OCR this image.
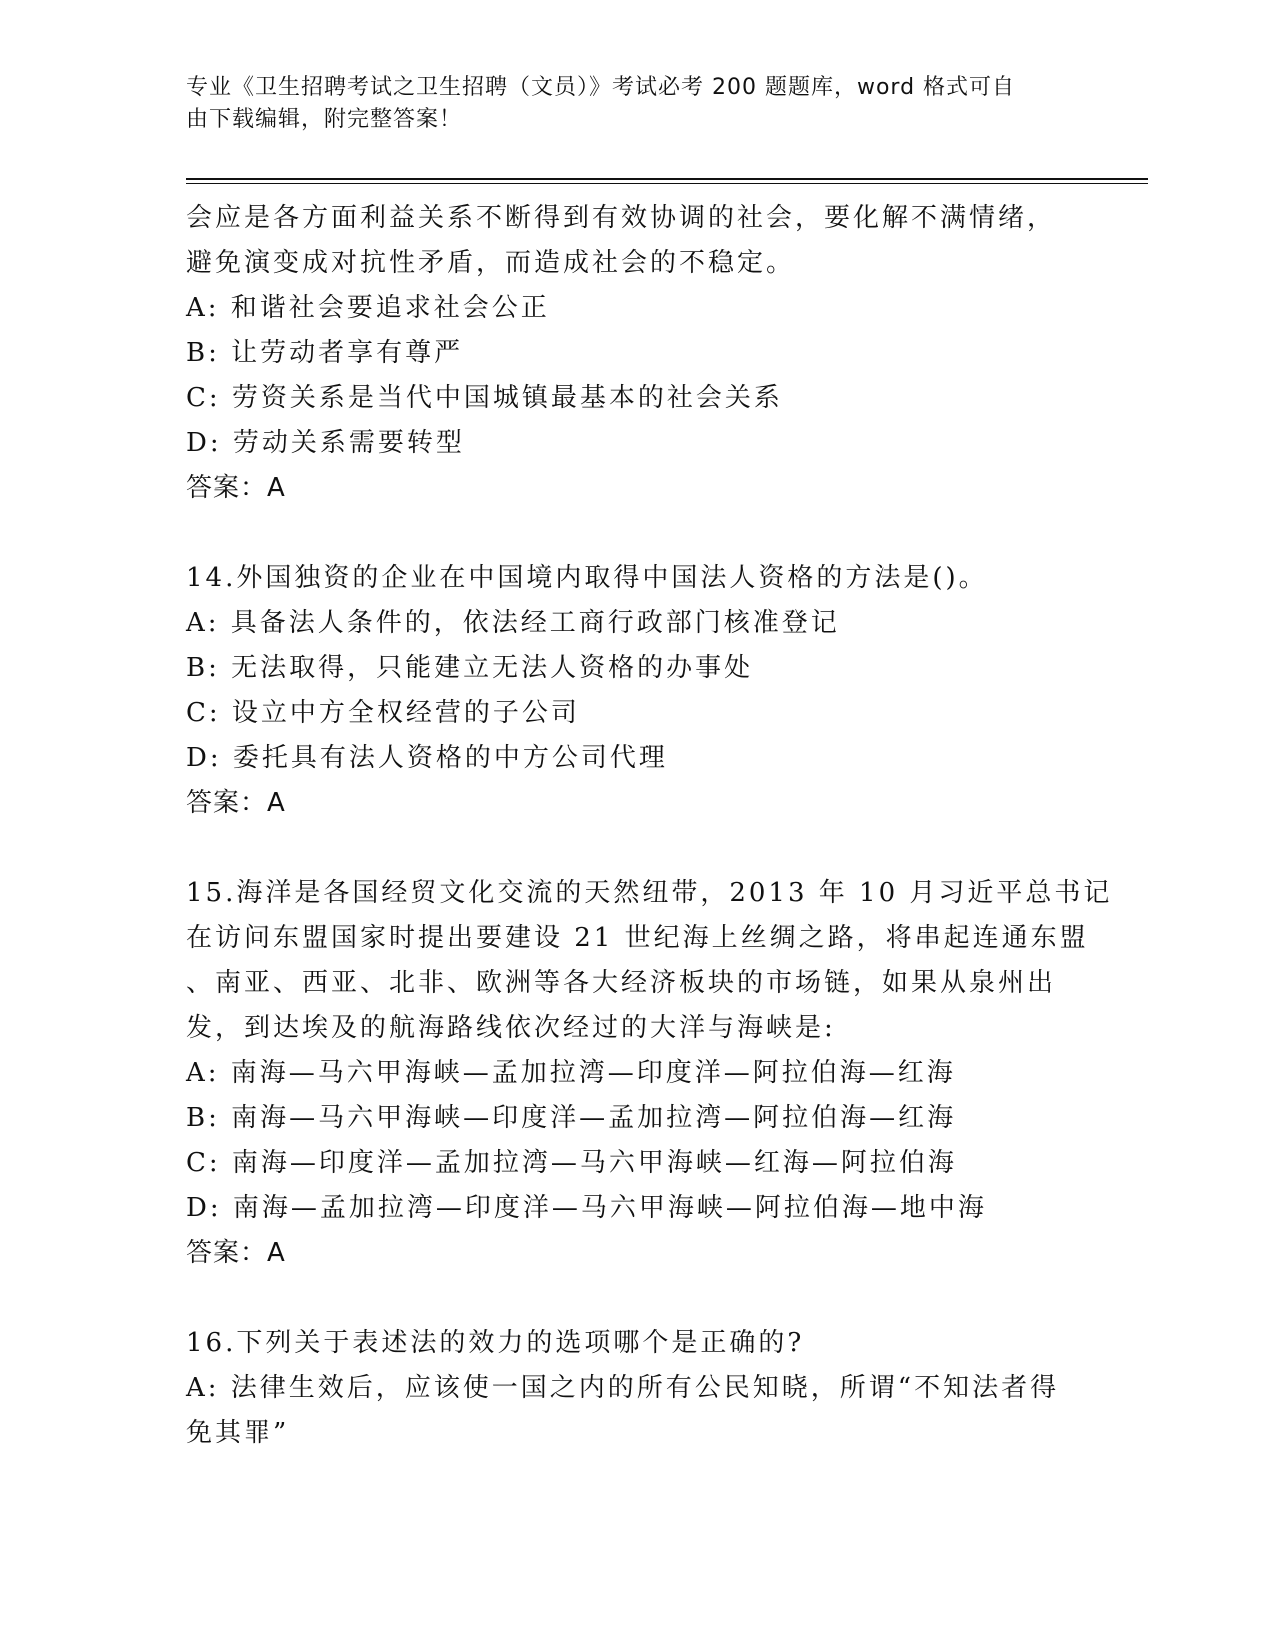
专业《卫生招聘考试之卫生招聘（文员）》考试必考 200 题题库，word 格式可自
由下载编辑，附完整答案！
会应是各方面利益关系不断得到有效协调的社会，要化解不满情绪，
避免演变成对抗性矛盾，而造成社会的不稳定。
A: 和谐社会要追求社会公正
B: 让劳动者享有尊严
C: 劳资关系是当代中国城镇最基本的社会关系
D: 劳动关系需要转型
答案：A
14.外国独资的企业在中国境内取得中国法人资格的方法是()。
A: 具备法人条件的，依法经工商行政部门核准登记
B: 无法取得，只能建立无法人资格的办事处
C: 设立中方全权经营的子公司
D: 委托具有法人资格的中方公司代理
答案：A
15.海洋是各国经贸文化交流的天然纽带，2013 年 10 月习近平总书记
在访问东盟国家时提出要建设 21 世纪海上丝绸之路，将串起连通东盟
、南亚、西亚、北非、欧洲等各大经济板块的市场链，如果从泉州出
发，到达埃及的航海路线依次经过的大洋与海峡是:
A: 南海—马六甲海峡—孟加拉湾—印度洋—阿拉伯海—红海
B: 南海—马六甲海峡—印度洋—孟加拉湾—阿拉伯海—红海
C: 南海—印度洋—孟加拉湾—马六甲海峡—红海—阿拉伯海
D: 南海—孟加拉湾—印度洋—马六甲海峡—阿拉伯海—地中海
答案：A
16.下列关于表述法的效力的选项哪个是正确的?
A: 法律生效后，应该使一国之内的所有公民知晓，所谓“不知法者得
免其罪”
